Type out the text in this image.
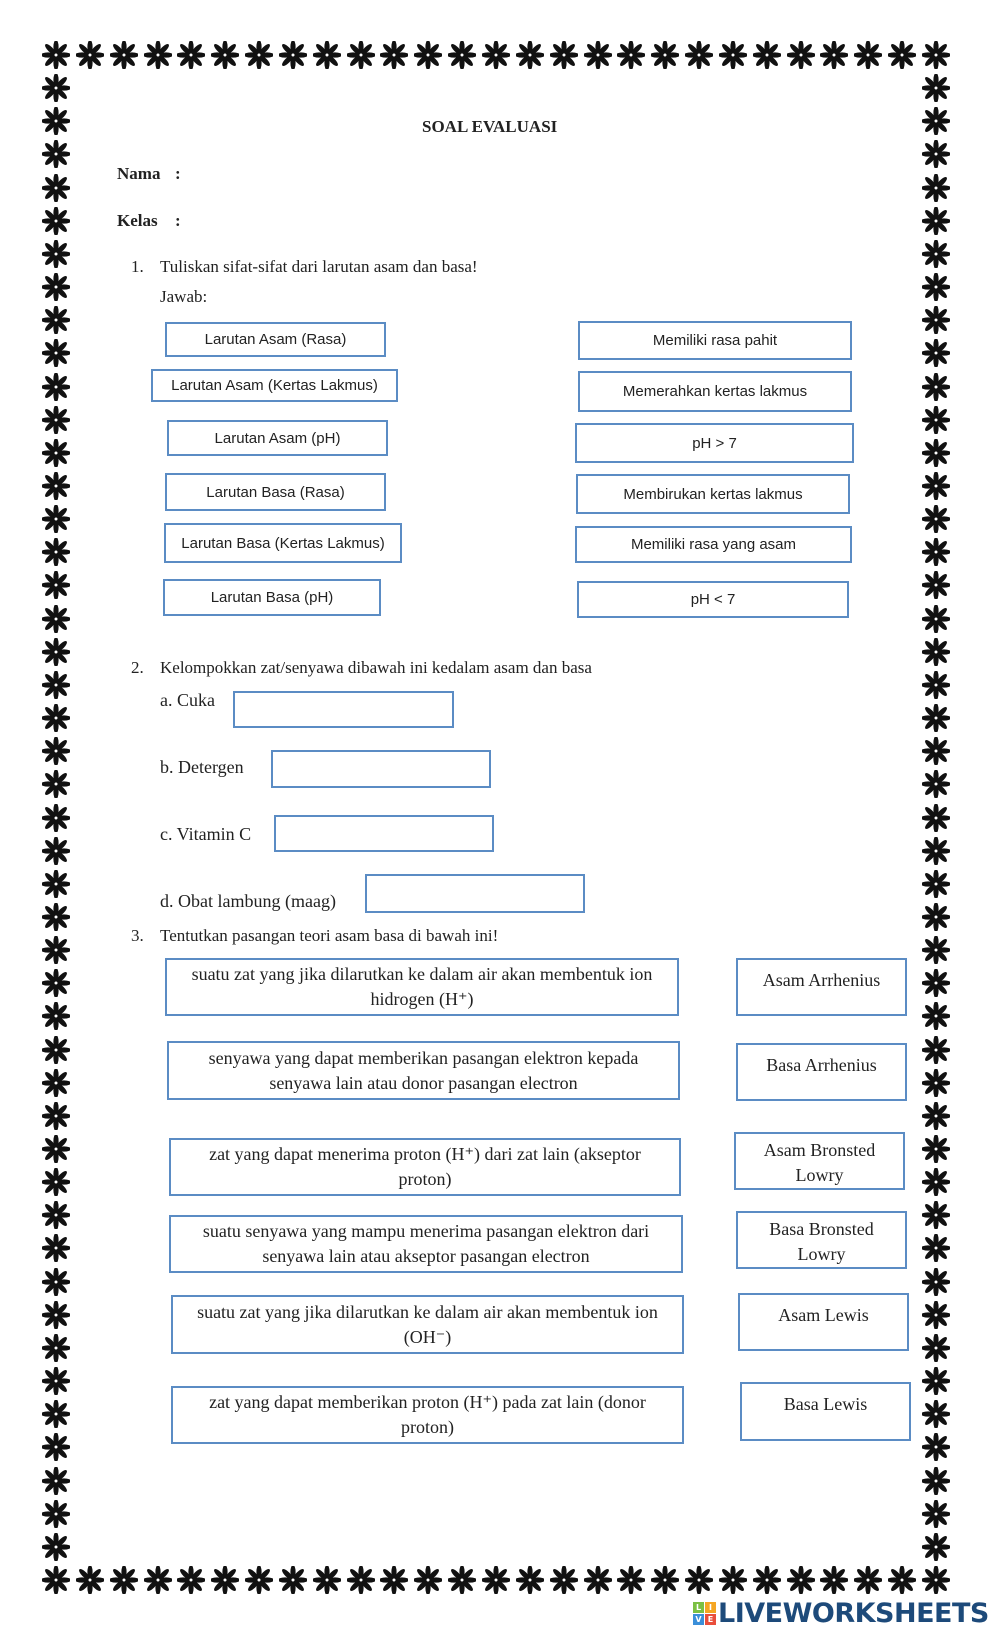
SOAL EVALUASI
Nama :
Kelas :
1. Tuliskan sifat-sifat dari larutan asam dan basa!
Jawab:
Larutan Asam (Rasa)
Larutan Asam (Kertas Lakmus)
Larutan Asam (pH)
Larutan Basa (Rasa)
Larutan Basa (Kertas Lakmus)
Larutan Basa (pH)
Memiliki rasa pahit
Memerahkan kertas lakmus
pH > 7
Membirukan kertas lakmus
Memiliki rasa yang asam
pH < 7
2. Kelompokkan zat/senyawa dibawah ini kedalam asam dan basa
a. Cuka
b. Detergen
c. Vitamin C
d. Obat lambung (maag)
3. Tentutkan pasangan teori asam basa di bawah ini!
suatu zat yang jika dilarutkan ke dalam air akan membentuk ion hidrogen (H⁺)
senyawa yang dapat memberikan pasangan elektron kepada senyawa lain atau donor pasangan electron
zat yang dapat menerima proton (H⁺) dari zat lain (akseptor proton)
suatu senyawa yang mampu menerima pasangan elektron dari senyawa lain atau akseptor pasangan electron
suatu zat yang jika dilarutkan ke dalam air akan membentuk ion (OH⁻)
zat yang dapat memberikan proton (H⁺) pada zat lain (donor proton)
Asam Arrhenius
Basa Arrhenius
Asam Bronsted Lowry
Basa Bronsted Lowry
Asam Lewis
Basa Lewis
L I
V E LIVEWORKSHEETS
